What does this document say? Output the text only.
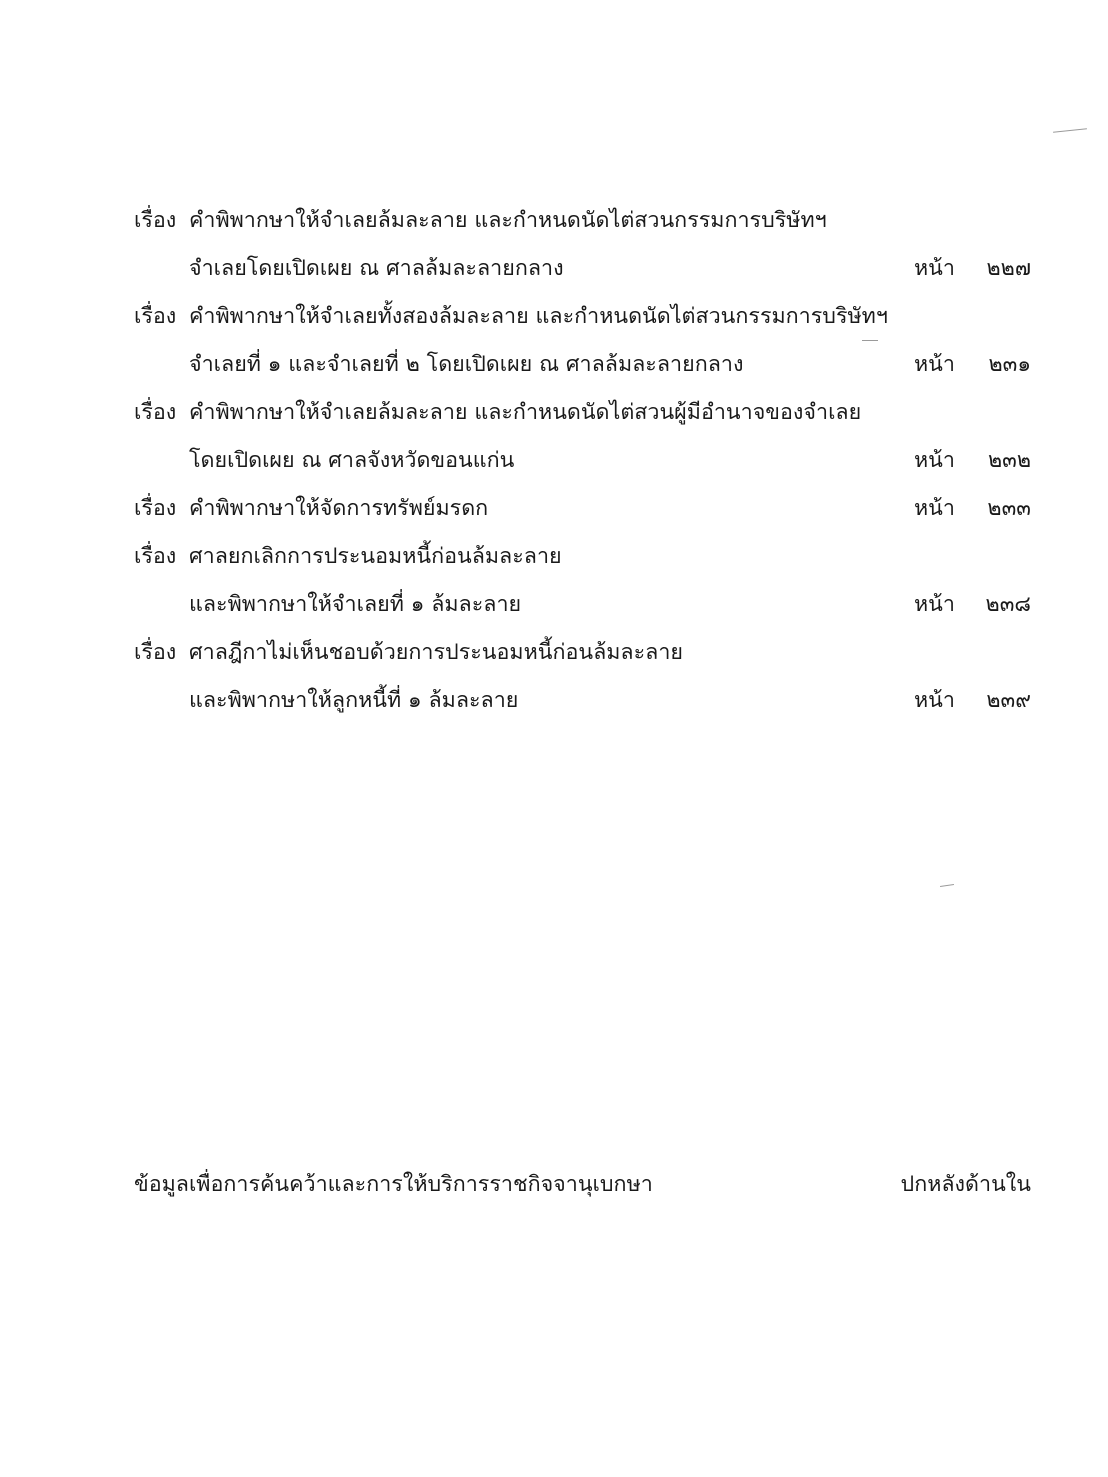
เรื่อง คำพิพากษาให้จำเลยล้มละลาย และกำหนดนัดไต่สวนกรรมการบริษัทฯ
จำเลยโดยเปิดเผย ณ ศาลล้มละลายกลาง	หน้า ๒๒๗
เรื่อง คำพิพากษาให้จำเลยทั้งสองล้มละลาย และกำหนดนัดไต่สวนกรรมการบริษัทฯ
จำเลยที่ ๑ และจำเลยที่ ๒ โดยเปิดเผย ณ ศาลล้มละลายกลาง	หน้า ๒๓๑
เรื่อง คำพิพากษาให้จำเลยล้มละลาย และกำหนดนัดไต่สวนผู้มีอำนาจของจำเลย
โดยเปิดเผย ณ ศาลจังหวัดขอนแก่น	หน้า ๒๓๒
เรื่อง คำพิพากษาให้จัดการทรัพย์มรดก	หน้า ๒๓๓
เรื่อง ศาลยกเลิกการประนอมหนี้ก่อนล้มละลาย
และพิพากษาให้จำเลยที่ ๑ ล้มละลาย	หน้า ๒๓๘
เรื่อง ศาลฎีกาไม่เห็นชอบด้วยการประนอมหนี้ก่อนล้มละลาย
และพิพากษาให้ลูกหนี้ที่ ๑ ล้มละลาย	หน้า ๒๓๙
ข้อมูลเพื่อการค้นคว้าและการให้บริการราชกิจจานุเบกษา	ปกหลังด้านใน
